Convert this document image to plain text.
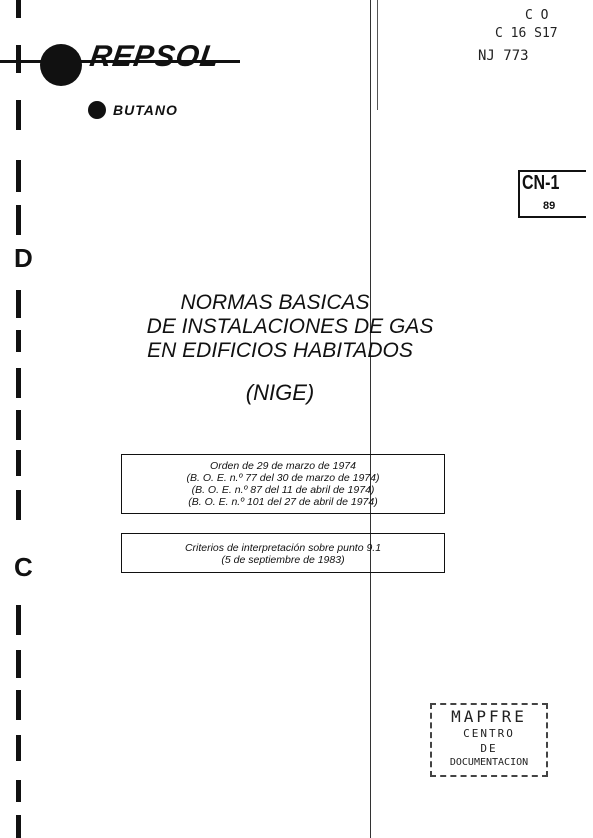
D
C
REPSOL
BUTANO
C O
C 16 S17
NJ 773
CN-1
89
NORMAS BASICAS
DE INSTALACIONES DE GAS
EN EDIFICIOS HABITADOS
(NIGE)
Orden de 29 de marzo de 1974
(B. O. E. n.º 77 del 30 de marzo de 1974)
(B. O. E. n.º 87 del 11 de abril de 1974)
(B. O. E. n.º 101 del 27 de abril de 1974)
Criterios de interpretación sobre punto 9.1
(5 de septiembre de 1983)
MAPFRE
CENTRO
DE
DOCUMENTACION
